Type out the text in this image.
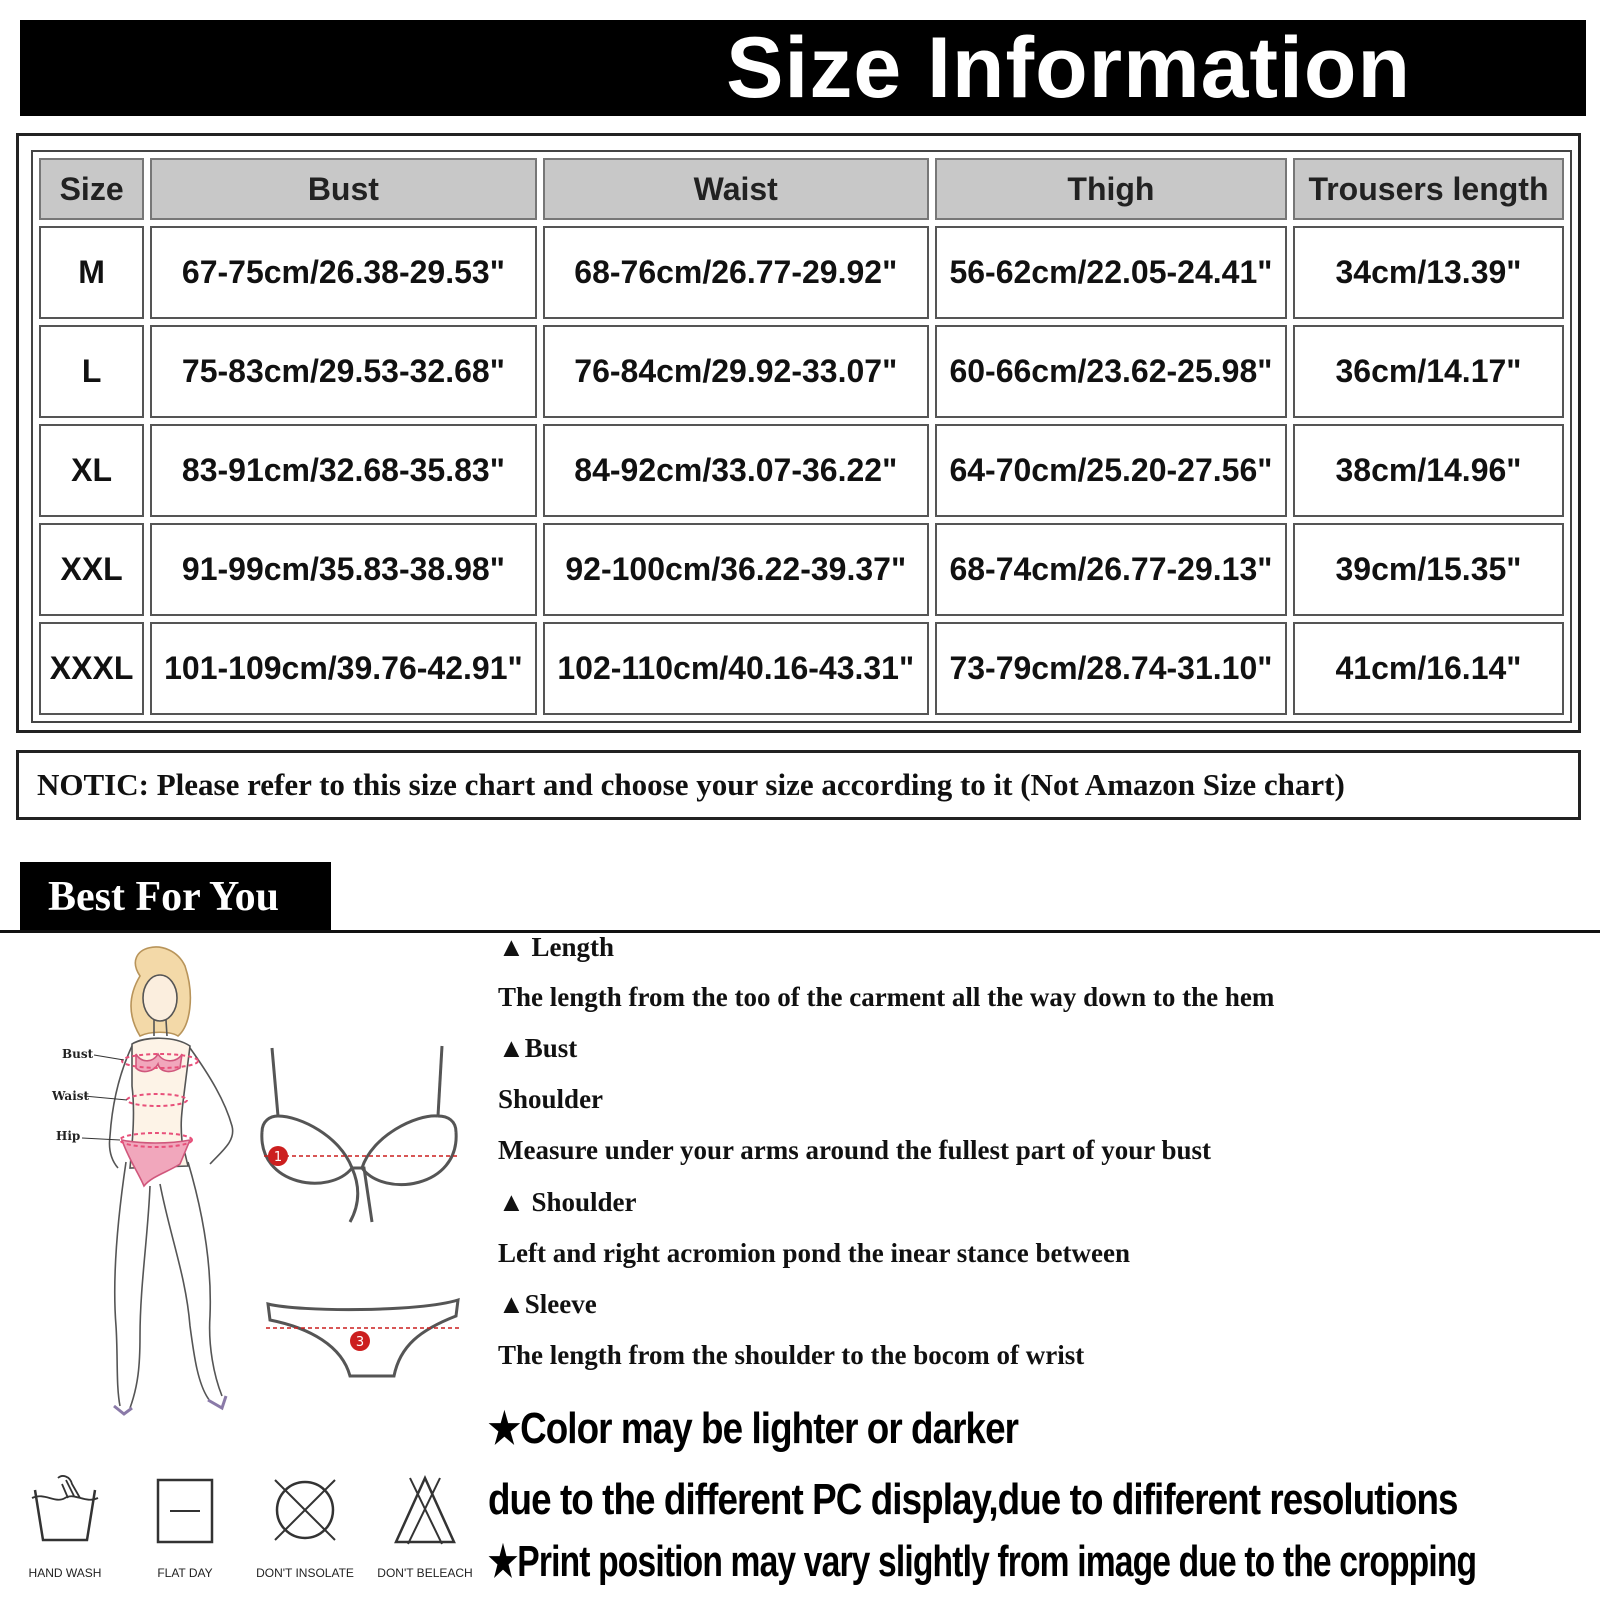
Size Information
Size	Bust	Waist	Thigh	Trousers length
M	67-75cm/26.38-29.53"	68-76cm/26.77-29.92"	56-62cm/22.05-24.41"	34cm/13.39"
L	75-83cm/29.53-32.68"	76-84cm/29.92-33.07"	60-66cm/23.62-25.98"	36cm/14.17"
XL	83-91cm/32.68-35.83"	84-92cm/33.07-36.22"	64-70cm/25.20-27.56"	38cm/14.96"
XXL	91-99cm/35.83-38.98"	92-100cm/36.22-39.37"	68-74cm/26.77-29.13"	39cm/15.35"
XXXL	101-109cm/39.76-42.91"	102-110cm/40.16-43.31"	73-79cm/28.74-31.10"	41cm/16.14"
NOTIC: Please refer to this size chart and choose your size according to it (Not Amazon Size chart)
Best For You
Bust
Waist
Hip
1
3

▲ Length

The length from the too of the carment all the way down to the hem

▲Bust

Shoulder

Measure under your arms around the fullest part of your bust

▲ Shoulder

Left and right acromion pond the inear stance between

▲Sleeve

The length from the shoulder to the bocom of wrist

★Color may be lighter or darker
due to the different PC display,due to dififerent resolutions
★Print position may vary slightly from image due to the cropping
HAND WASH	FLAT DAY	DON'T INSOLATE	DON'T BELEACH
